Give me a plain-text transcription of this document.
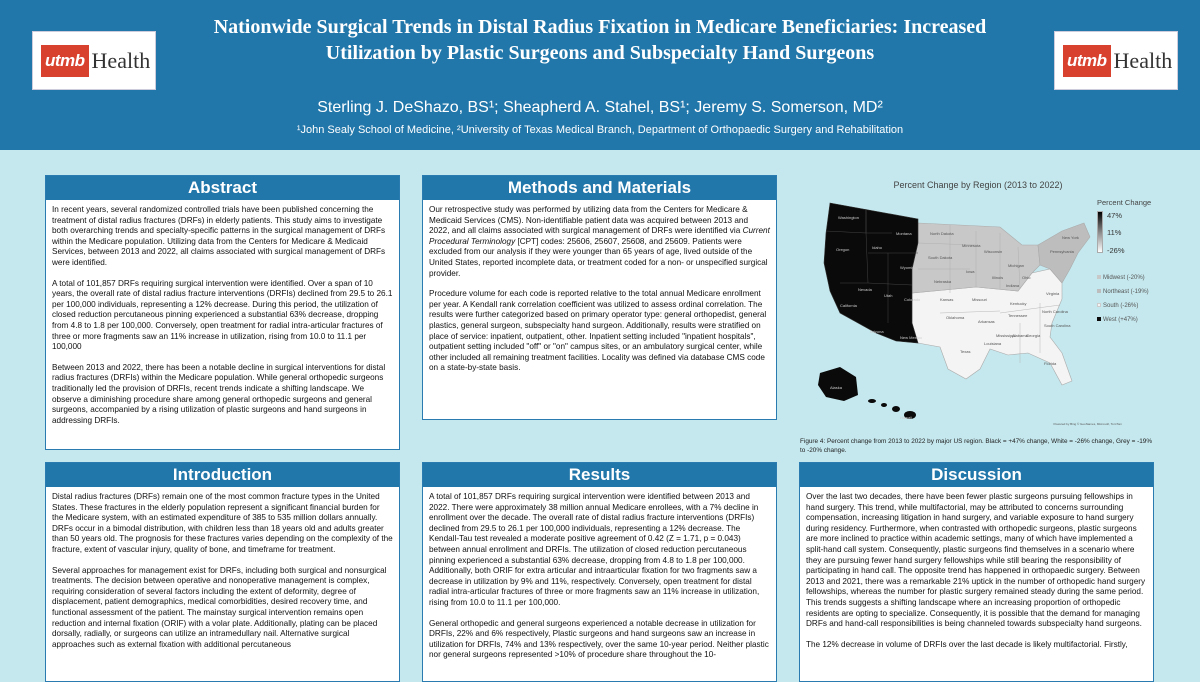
utmb Health	utmb Health
Nationwide Surgical Trends in Distal Radius Fixation in Medicare Beneficiaries: Increased
Utilization by Plastic Surgeons and Subspecialty Hand Surgeons
Sterling J. DeShazo, BS¹; Sheapherd A. Stahel, BS¹; Jeremy S. Somerson, MD²
¹John Sealy School of Medicine, ²University of Texas Medical Branch, Department of Orthopaedic Surgery and Rehabilitation
Abstract

In recent years, several randomized controlled trials have been published concerning the treatment of distal radius fractures (DRFs) in elderly patients. This study aims to investigate both overarching trends and specialty-specific patterns in the surgical management of DRFs within the Medicare population. Utilizing data from the Centers for Medicare & Medicaid Services, between 2013 and 2022, all claims associated with surgical management of DRFs were identified.

A total of 101,857 DRFs requiring surgical intervention were identified. Over a span of 10 years, the overall rate of distal radius fracture interventions (DRFIs) declined from 29.5 to 26.1 per 100,000 individuals, representing a 12% decrease. During this period, the utilization of closed reduction percutaneous pinning experienced a substantial 63% decrease, dropping from 4.8 to 1.8 per 100,000. Conversely, open treatment for radial intra-articular fractures of three or more fragments saw an 11% increase in utilization, rising from 10.0 to 11.1 per 100,000

Between 2013 and 2022, there has been a notable decline in surgical interventions for distal radius fractures (DRFIs) within the Medicare population. While general orthopedic surgeons traditionally led the provision of DRFIs, recent trends indicate a shifting landscape. We observe a diminishing procedure share among general orthopedic surgeons and general surgeons, accompanied by a rising utilization of plastic surgeons and hand surgeons in addressing DRFIs.

Methods and Materials

Our retrospective study was performed by utilizing data from the Centers for Medicare & Medicaid Services (CMS). Non-identifiable patient data was acquired between 2013 and 2022, and all claims associated with surgical management of DRFs were identified via Current Procedural Terminology [CPT] codes: 25606, 25607, 25608, and 25609. Patients were excluded from our analysis if they were younger than 65 years of age, lived outside of the United States, reported incomplete data, or treatment coded for a non- or unspecified surgical provider.

Procedure volume for each code is reported relative to the total annual Medicare enrollment per year. A Kendall rank correlation coefficient was utilized to assess ordinal correlation. The results were further categorized based on primary operator type: general orthopedist, general plastics, general surgeon, subspecialty hand surgeon. Additionally, results were stratified on place of service: inpatient, outpatient, other. Inpatient setting included "inpatient hospitals", outpatient setting included "off" or "on" campus sites, or an ambulatory surgical center, while other included all remaining treatment facilities. Locality was defined via database CMS code on a state-by-state basis.

Percent Change by Region (2013 to 2022)
Washington
Oregon	Idaho
Montana
Wyoming
Nevada
Utah
Colorado
California
Arizona
New Mexico
Alaska
Hawaii
North Dakota
South Dakota
Minnesota
Wisconsin
Michigan
Nebraska
Iowa
Illinois
Indiana
Ohio
Kansas	Missouri
Kentucky
Pennsylvania
New York
Oklahoma
Arkansas
Tennessee
North Carolina
Virginia
Texas
Louisiana
Mississippi
Alabama
Georgia
South Carolina
Florida
Powered by Bing © GeoNames, Microsoft, TomTom
Percent Change
47%
11%
-26%
Midwest (-20%)
Northeast (-19%)
South (-26%)
West (+47%)
Figure 4: Percent change from 2013 to 2022 by major US region. Black = +47% change, White = -26% change, Grey = -19% to -20% change.
Introduction

Distal radius fractures (DRFs) remain one of the most common fracture types in the United States. These fractures in the elderly population represent a significant financial burden for the Medicare system, with an estimated expenditure of 385 to 535 million dollars annually. DRFs occur in a bimodal distribution, with children less than 18 years old and adults greater than 50 years old. The prognosis for these fractures varies depending on the complexity of the fracture, extent of vascular injury, quality of bone, and timeframe for treatment.

Several approaches for management exist for DRFs, including both surgical and nonsurgical treatments. The decision between operative and nonoperative management is complex, requiring consideration of several factors including the extent of deformity, degree of displacement, patient demographics, medical comorbidities, desired recovery time, and functional assessment of the patient. The mainstay surgical intervention remains open reduction and internal fixation (ORIF) with a volar plate. Additionally, plating can be placed dorsally, radially, or surgeons can utilize an intramedullary nail. Alternative surgical approaches such as external fixation with additional percutaneous

Results

A total of 101,857 DRFs requiring surgical intervention were identified between 2013 and 2022. There were approximately 38 million annual Medicare enrollees, with a 7% decline in enrollment over the decade. The overall rate of distal radius fracture interventions (DRFIs) declined from 29.5 to 26.1 per 100,000 individuals, representing a 12% decrease. The Kendall-Tau test revealed a moderate positive agreement of 0.42 (Z = 1.71, p = 0.043) between annual enrollment and DRFIs. The utilization of closed reduction percutaneous pinning experienced a substantial 63% decrease, dropping from 4.8 to 1.8 per 100,000. Additionally, both ORIF for extra articular and intraarticular fixation for two fragments saw a decrease in utilization by 9% and 11%, respectively. Conversely, open treatment for distal radial intra-articular fractures of three or more fragments saw an 11% increase in utilization, rising from 10.0 to 11.1 per 100,000.

General orthopedic and general surgeons experienced a notable decrease in utilization for DRFIs, 22% and 6% respectively, Plastic surgeons and hand surgeons saw an increase in utilization for DRFIs, 74% and 13% respectively, over the same 10-year period. Neither plastic nor general surgeons represented >10% of procedure share throughout the 10-

Discussion

Over the last two decades, there have been fewer plastic surgeons pursuing fellowships in hand surgery. This trend, while multifactorial, may be attributed to concerns surrounding compensation, increasing litigation in hand surgery, and variable exposure to hand surgery during residency. Furthermore, when contrasted with orthopedic surgeons, plastic surgeons are more inclined to practice within academic settings, many of which have implemented a split-hand call system. Consequently, plastic surgeons find themselves in a scenario where they are pursuing fewer hand surgery fellowships while still bearing the responsibility of participating in hand call. The opposite trend has happened in orthopaedic surgery. Between 2013 and 2021, there was a remarkable 21% uptick in the number of orthopedic hand surgery fellowships, whereas the number for plastic surgery remained steady during the same period. This trends suggests a shifting landscape where an increasing proportion of orthopedic residents are opting to specialize. Consequently, it is possible that the demand for managing DRFs and hand-call responsibilities is being channeled towards subspecialty hand surgeons.

The 12% decrease in volume of DRFIs over the last decade is likely multifactorial. Firstly,
